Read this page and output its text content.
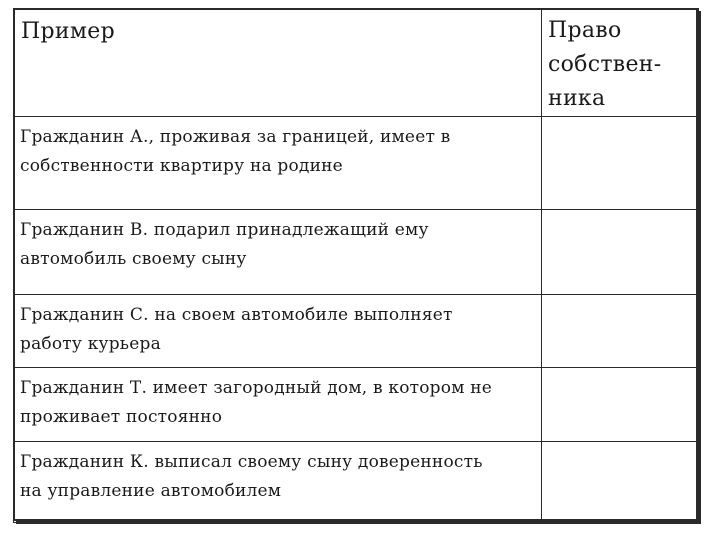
Пример	Право
собствен-
ника

Гражданин А., проживая за границей, имеет в
собственности квартиру на родине	

Гражданин В. подарил принадлежащий ему
автомобиль своему сыну	

Гражданин С. на своем автомобиле выполняет
работу курьера	

Гражданин Т. имеет загородный дом, в котором не
проживает постоянно	

Гражданин К. выписал своему сыну доверенность
на управление автомобилем	
